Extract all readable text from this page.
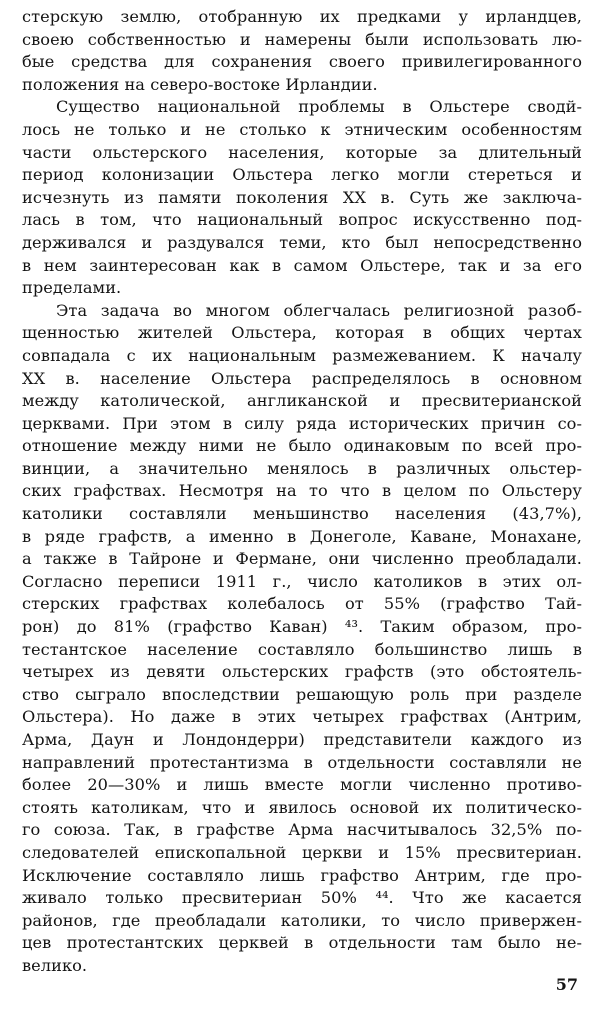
стерскую землю, отобранную их предками у ирландцев,
своею собственностью и намерены были использовать лю-
бые средства для сохранения своего привилегированного
положения на северо-востоке Ирландии.
Существо национальной проблемы в Ольстере сводй-
лось не только и не столько к этническим особенностям
части ольстерского населения, которые за длительный
период колонизации Ольстера легко могли стереться и
исчезнуть из памяти поколения XX в. Суть же заключа-
лась в том, что национальный вопрос искусственно под-
держивался и раздувался теми, кто был непосредственно
в нем заинтересован как в самом Ольстере, так и за его
пределами.
Эта задача во многом облегчалась религиозной разоб-
щенностью жителей Ольстера, которая в общих чертах
совпадала с их национальным размежеванием. К началу
XX в. население Ольстера распределялось в основном
между католической, англиканской и пресвитерианской
церквами. При этом в силу ряда исторических причин со-
отношение между ними не было одинаковым по всей про-
винции, а значительно менялось в различных ольстер-
ских графствах. Несмотря на то что в целом по Ольстеру
католики составляли меньшинство населения (43,7%),
в ряде графств, а именно в Донеголе, Каване, Монахане,
а также в Тайроне и Фермане, они численно преобладали.
Согласно переписи 1911 г., число католиков в этих ол-
стерских графствах колебалось от 55% (графство Тай-
рон) до 81% (графство Каван) ⁴³. Таким образом, про-
тестантское население составляло большинство лишь в
четырех из девяти ольстерских графств (это обстоятель-
ство сыграло впоследствии решающую роль при разделе
Ольстера). Но даже в этих четырех графствах (Антрим,
Арма, Даун и Лондондерри) представители каждого из
направлений протестантизма в отдельности составляли не
более 20—30% и лишь вместе могли численно противо-
стоять католикам, что и явилось основой их политическо-
го союза. Так, в графстве Арма насчитывалось 32,5% по-
следователей епископальной церкви и 15% пресвитериан.
Исключение составляло лишь графство Антрим, где про-
живало только пресвитериан 50% ⁴⁴. Что же касается
районов, где преобладали католики, то число привержен-
цев протестантских церквей в отдельности там было не-
велико.
57
